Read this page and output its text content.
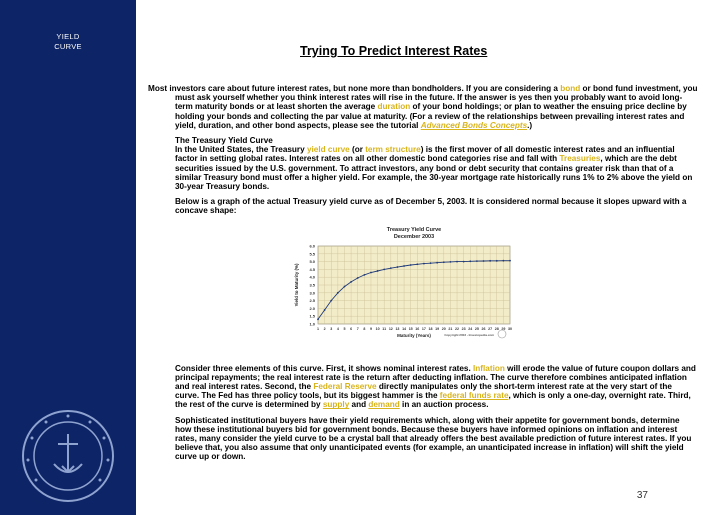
YIELD
CURVE	Trying To Predict Interest Rates

Most investors care about future interest rates, but none more than bondholders. If you are considering a bond or bond fund investment, you must ask yourself whether you think interest rates will rise in the future. If the answer is yes then you probably want to avoid long-term maturity bonds or at least shorten the average duration of your bond holdings; or plan to weather the ensuing price decline by holding your bonds and collecting the par value at maturity. (For a review of the relationships between prevailing interest rates and yield, duration, and other bond aspects, please see the tutorial Advanced Bonds Concepts.)

The Treasury Yield Curve

In the United States, the Treasury yield curve (or term structure) is the first mover of all domestic interest rates and an influential factor in setting global rates. Interest rates on all other domestic bond categories rise and fall with Treasuries, which are the debt securities issued by the U.S. government. To attract investors, any bond or debt security that contains greater risk than that of a similar Treasury bond must offer a higher yield. For example, the 30-year mortgage rate historically runs 1% to 2% above the yield on 30-year Treasury bonds.

Below is a graph of the actual Treasury yield curve as of December 5, 2003. It is considered normal because it slopes upward with a concave shape:

Treasury Yield Curve
December 2003
1.0
1.5
2.0
2.5
3.0
3.5
4.0
4.5
5.0
5.5
6.0
1 2 3 4 5 6 7 8 9 10 11 12 13 14 15 16 17 18 19 20 21 22 23 24 25 26 27 28 29 30
Maturity (Years)
Yield to Maturity (%)
Copyright 2003 - Investopedia.com

Consider three elements of this curve. First, it shows nominal interest rates. Inflation will erode the value of future coupon dollars and principal repayments; the real interest rate is the return after deducting inflation. The curve therefore combines anticipated inflation and real interest rates. Second, the Federal Reserve directly manipulates only the short-term interest rate at the very start of the curve. The Fed has three policy tools, but its biggest hammer is the federal funds rate, which is only a one-day, overnight rate. Third, the rest of the curve is determined by supply and demand in an auction process.

Sophisticated institutional buyers have their yield requirements which, along with their appetite for government bonds, determine how these institutional buyers bid for government bonds. Because these buyers have informed opinions on inflation and interest rates, many consider the yield curve to be a crystal ball that already offers the best available prediction of future interest rates. If you believe that, you also assume that only unanticipated events (for example, an unanticipated increase in inflation) will shift the yield curve up or down.

37
